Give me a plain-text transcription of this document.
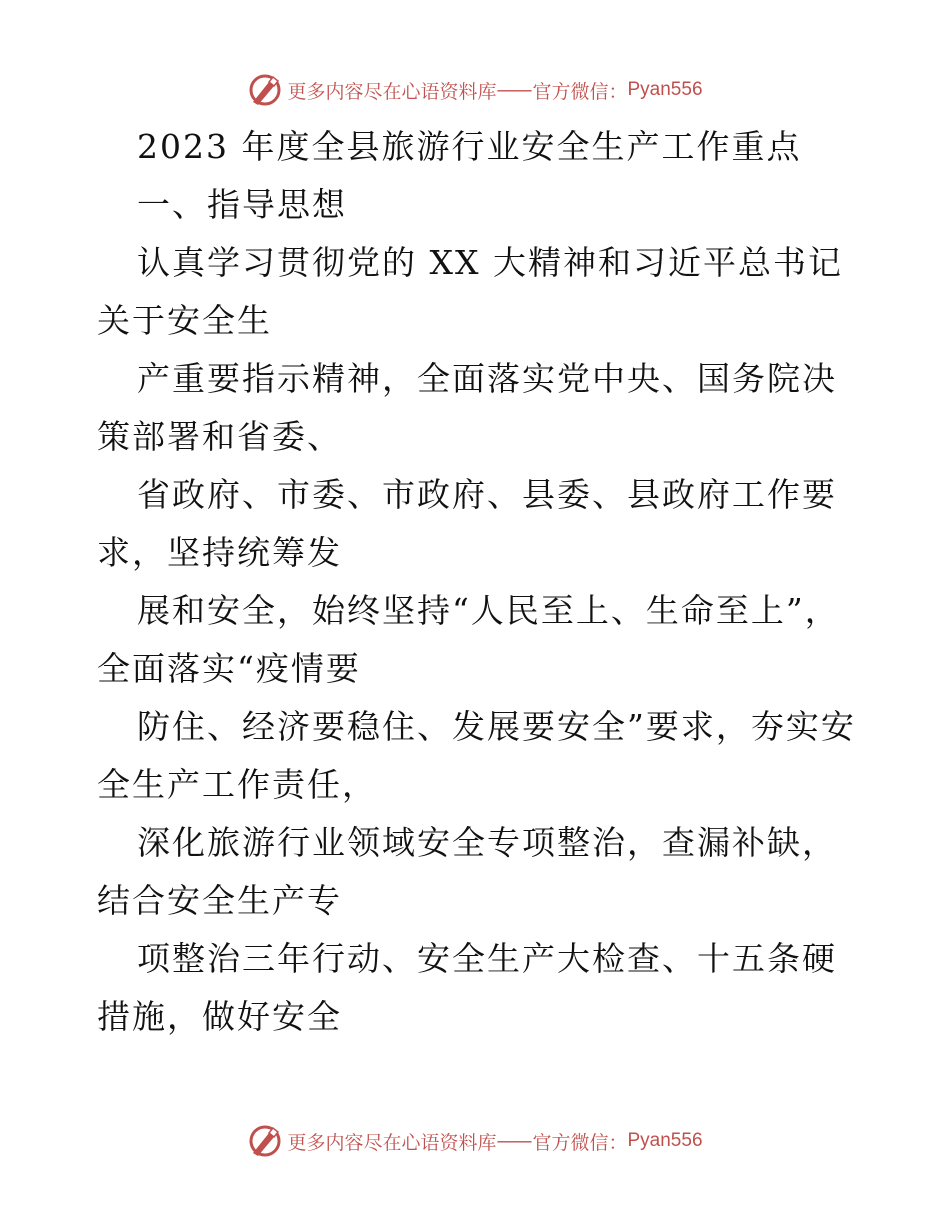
更多内容尽在心语资料库 —— 官方微信： Pyan556

2023 年度全县旅游行业安全生产工作重点

一、指导思想

认真学习贯彻党的 XX 大精神和习近平总书记关于安全生

产重要指示精神，全面落实党中央、国务院决策部署和省委、

省政府、市委、市政府、县委、县政府工作要求，坚持统筹发

展和安全，始终坚持“人民至上、生命至上”，全面落实“疫情要

防住、经济要稳住、发展要安全”要求，夯实安全生产工作责任，

深化旅游行业领域安全专项整治，查漏补缺，结合安全生产专

项整治三年行动、安全生产大检查、十五条硬措施，做好安全

更多内容尽在心语资料库 —— 官方微信： Pyan556
